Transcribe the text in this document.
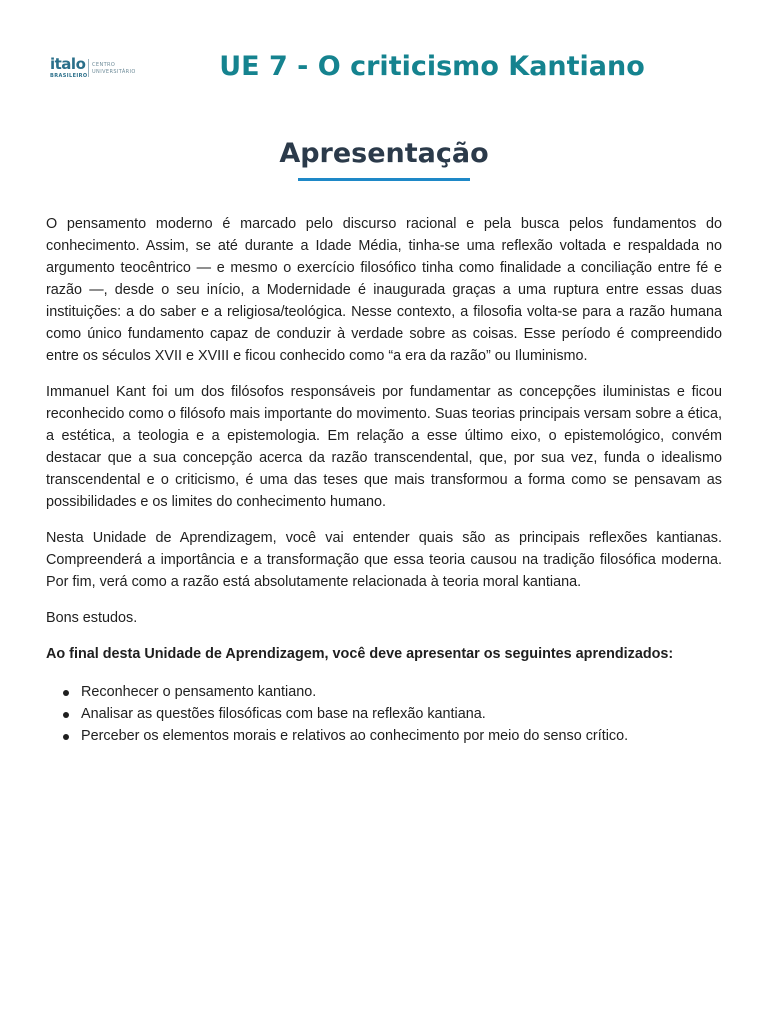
italo
BRASILEIRO
CENTRO
UNIVERSITÁRIO	UE 7 - O criticismo Kantiano
Apresentação

O pensamento moderno é marcado pelo discurso racional e pela busca pelos fundamentos do conhecimento. Assim, se até durante a Idade Média, tinha-se uma reflexão voltada e respaldada no argumento teocêntrico — e mesmo o exercício filosófico tinha como finalidade a conciliação entre fé e razão —, desde o seu início, a Modernidade é inaugurada graças a uma ruptura entre essas duas instituições: a do saber e a religiosa/teológica. Nesse contexto, a filosofia volta-se para a razão humana como único fundamento capaz de conduzir à verdade sobre as coisas. Esse período é compreendido entre os séculos XVII e XVIII e ficou conhecido como “a era da razão” ou Iluminismo.

Immanuel Kant foi um dos filósofos responsáveis por fundamentar as concepções iluministas e ficou reconhecido como o filósofo mais importante do movimento. Suas teorias principais versam sobre a ética, a estética, a teologia e a epistemologia. Em relação a esse último eixo, o epistemológico, convém destacar que a sua concepção acerca da razão transcendental, que, por sua vez, funda o idealismo transcendental e o criticismo, é uma das teses que mais transformou a forma como se pensavam as possibilidades e os limites do conhecimento humano.

Nesta Unidade de Aprendizagem, você vai entender quais são as principais reflexões kantianas. Compreenderá a importância e a transformação que essa teoria causou na tradição filosófica moderna. Por fim, verá como a razão está absolutamente relacionada à teoria moral kantiana.

Bons estudos.

Ao final desta Unidade de Aprendizagem, você deve apresentar os seguintes aprendizados:

Reconhecer o pensamento kantiano.
Analisar as questões filosóficas com base na reflexão kantiana.
Perceber os elementos morais e relativos ao conhecimento por meio do senso crítico.
